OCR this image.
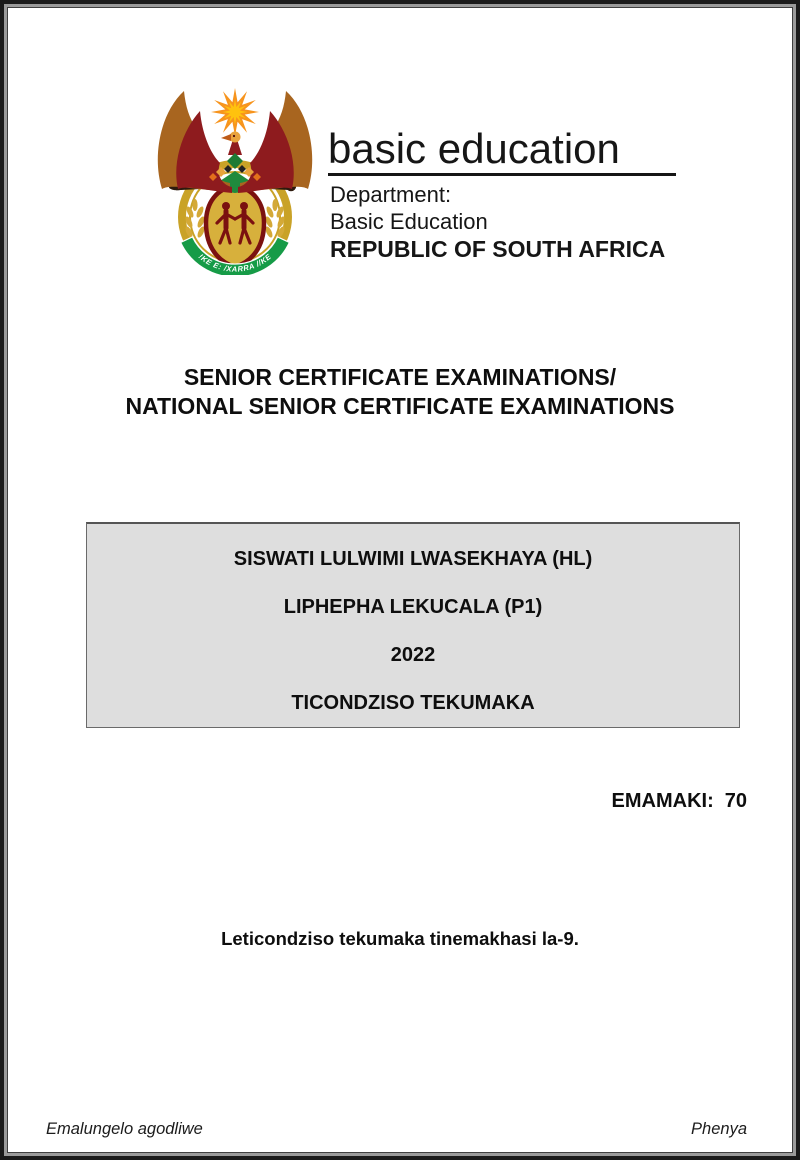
!KE E: /XARRA //KE
basic education
Department:
Basic Education
REPUBLIC OF SOUTH AFRICA
SENIOR CERTIFICATE EXAMINATIONS/
NATIONAL SENIOR CERTIFICATE EXAMINATIONS

SISWATI LULWIMI LWASEKHAYA (HL)

LIPHEPHA LEKUCALA (P1)

2022

TICONDZISO TEKUMAKA

EMAMAKI: 70

Leticondziso tekumaka tinemakhasi la-9.
Emalungelo agodliwe	Phenya
